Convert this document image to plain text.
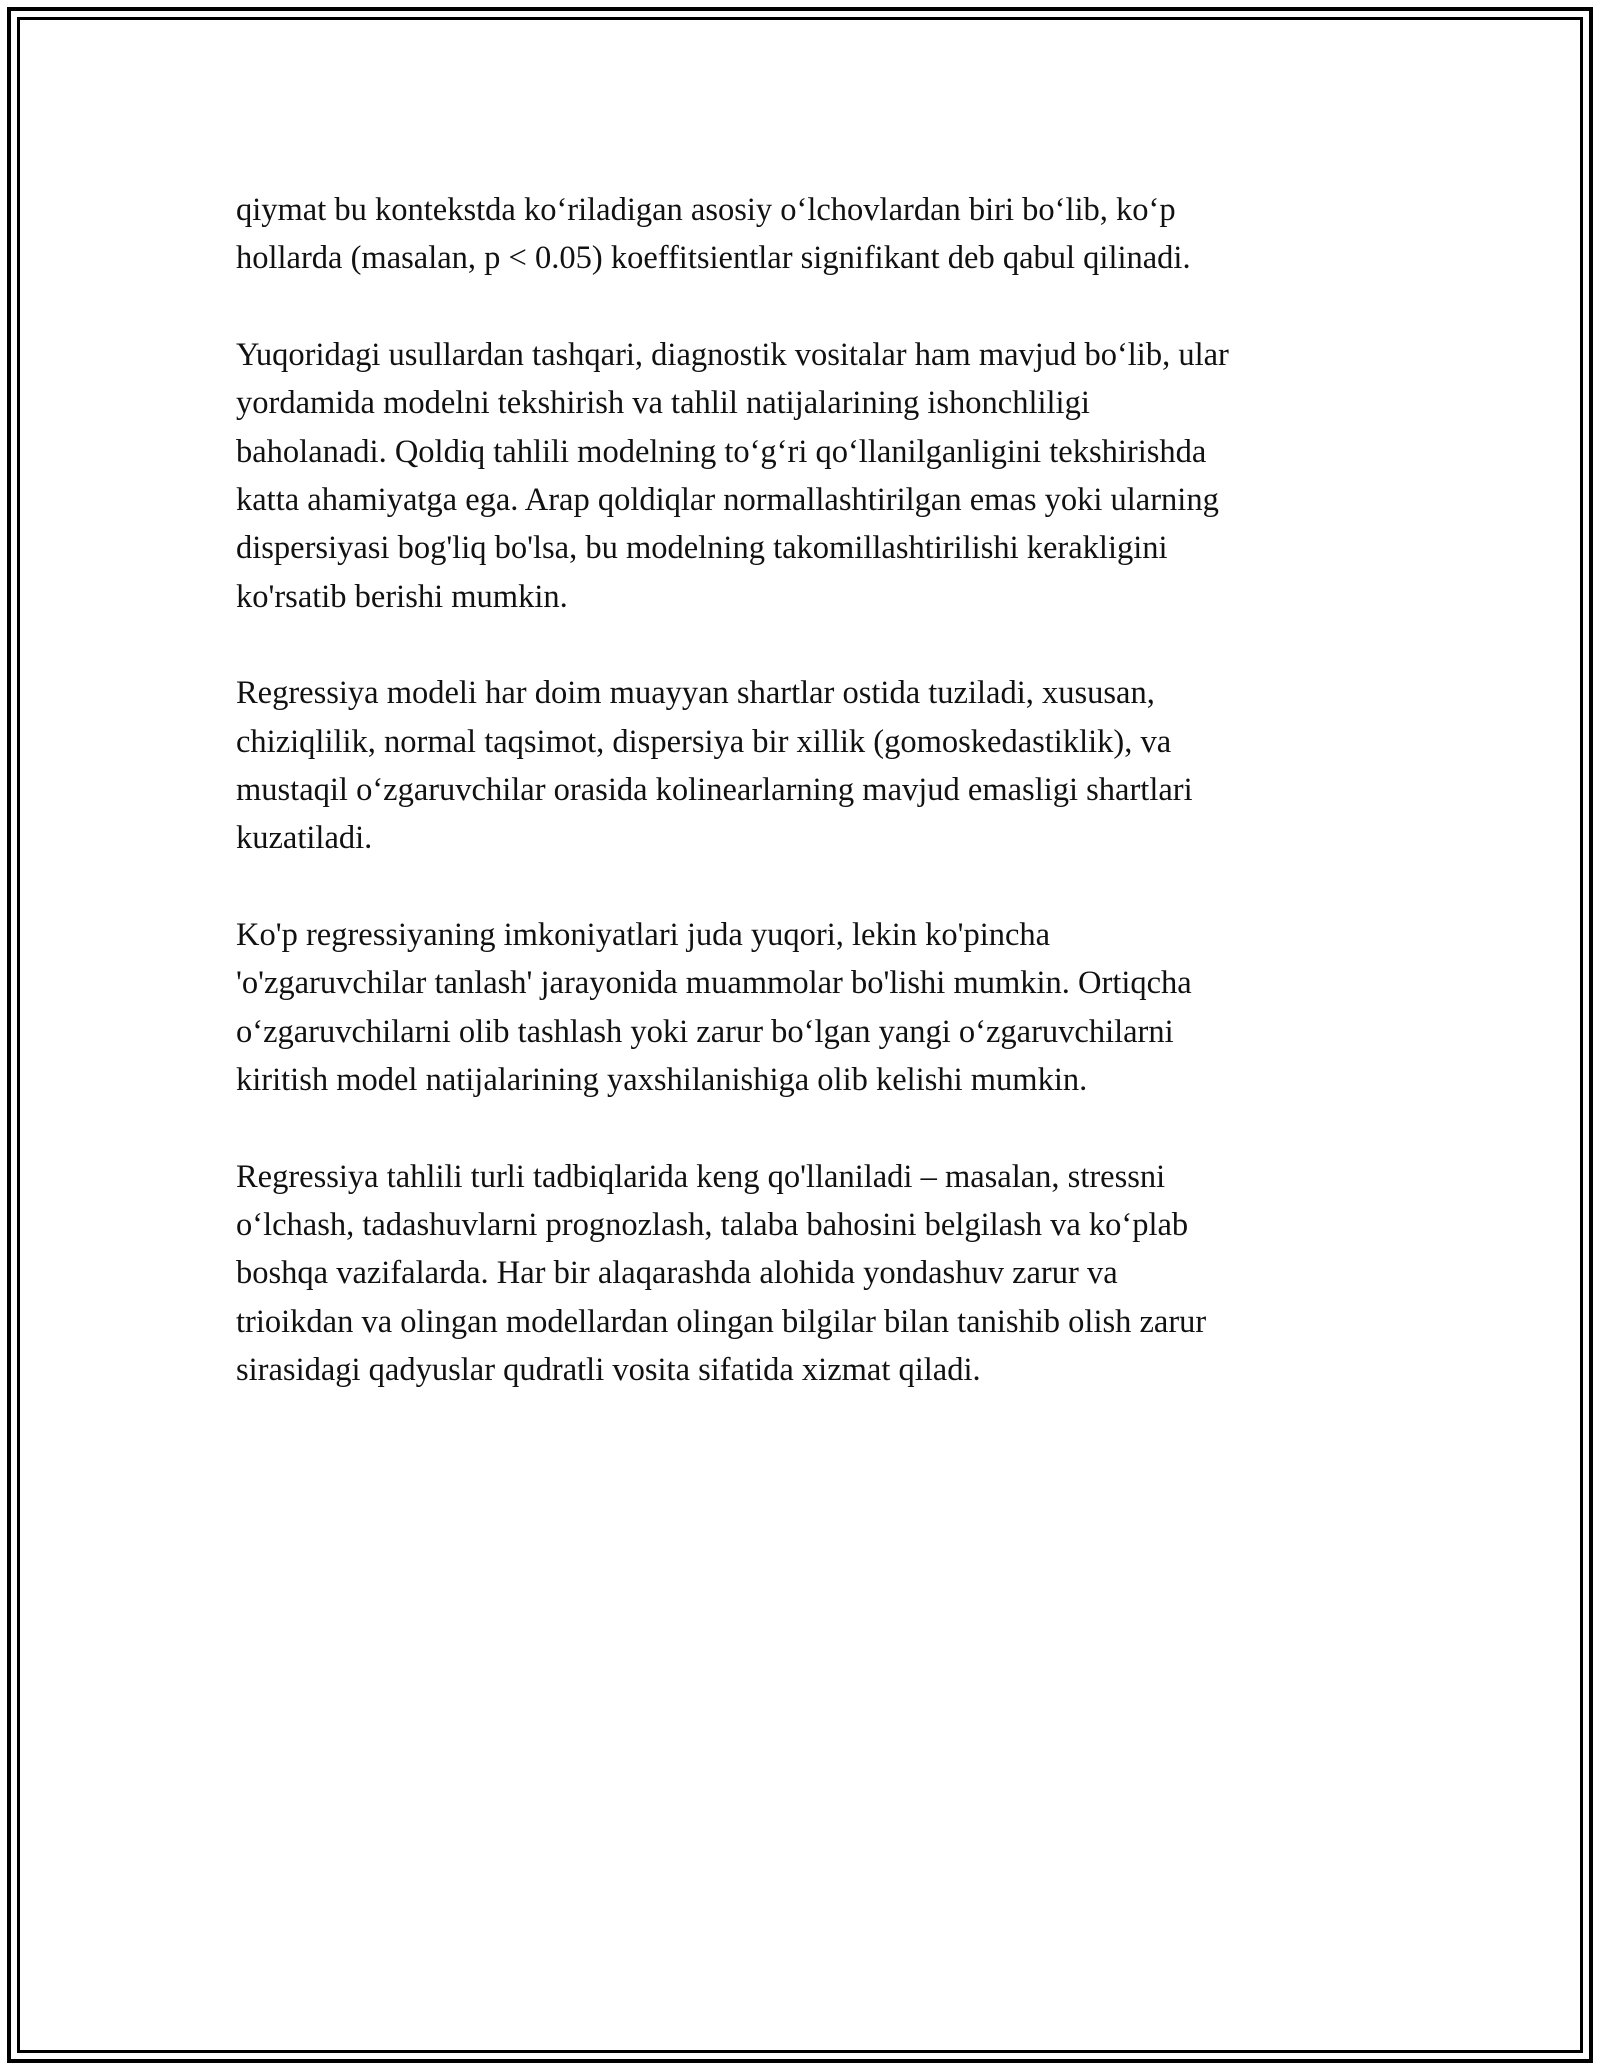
qiymat bu kontekstda ko‘riladigan asosiy o‘lchovlardan biri bo‘lib, ko‘p
hollarda (masalan, p < 0.05) koeffitsientlar signifikant deb qabul qilinadi.

Yuqoridagi usullardan tashqari, diagnostik vositalar ham mavjud bo‘lib, ular
yordamida modelni tekshirish va tahlil natijalarining ishonchliligi
baholanadi. Qoldiq tahlili modelning to‘g‘ri qo‘llanilganligini tekshirishda
katta ahamiyatga ega. Arap qoldiqlar normallashtirilgan emas yoki ularning
dispersiyasi bog'liq bo'lsa, bu modelning takomillashtirilishi kerakligini
ko'rsatib berishi mumkin.

Regressiya modeli har doim muayyan shartlar ostida tuziladi, xususan,
chiziqlilik, normal taqsimot, dispersiya bir xillik (gomoskedastiklik), va
mustaqil o‘zgaruvchilar orasida kolinearlarning mavjud emasligi shartlari
kuzatiladi.

Ko'p regressiyaning imkoniyatlari juda yuqori, lekin ko'pincha
'o'zgaruvchilar tanlash' jarayonida muammolar bo'lishi mumkin. Ortiqcha
o‘zgaruvchilarni olib tashlash yoki zarur bo‘lgan yangi o‘zgaruvchilarni
kiritish model natijalarining yaxshilanishiga olib kelishi mumkin.

Regressiya tahlili turli tadbiqlarida keng qo'llaniladi – masalan, stressni
o‘lchash, tadashuvlarni prognozlash, talaba bahosini belgilash va ko‘plab
boshqa vazifalarda. Har bir alaqarashda alohida yondashuv zarur va
trioikdan va olingan modellardan olingan bilgilar bilan tanishib olish zarur
sirasidagi qadyuslar qudratli vosita sifatida xizmat qiladi.
